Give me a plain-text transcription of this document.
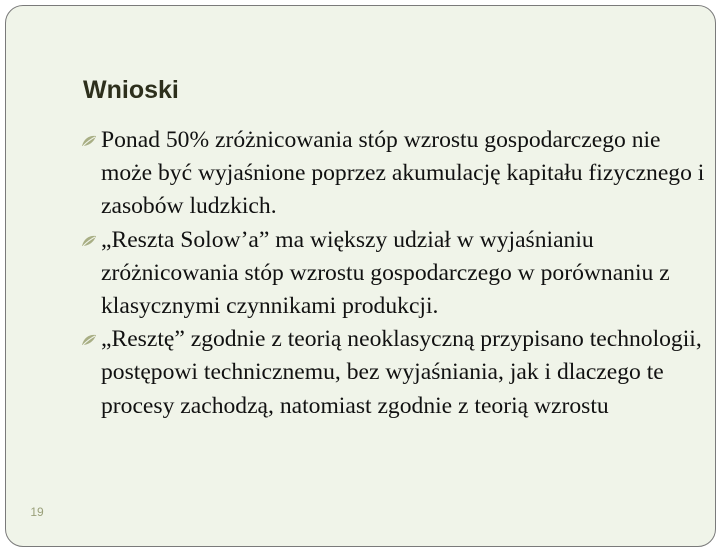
Wnioski
Ponad 50% zróżnicowania stóp wzrostu gospodarczego nie może być wyjaśnione poprzez akumulację kapitału fizycznego i zasobów ludzkich.
„Reszta Solow’a” ma większy udział w wyjaśnianiu zróżnicowania stóp wzrostu gospodarczego w porównaniu z klasycznymi czynnikami produkcji.
„Resztę” zgodnie z teorią neoklasyczną przypisano technologii, postępowi technicznemu, bez wyjaśniania, jak i dlaczego te procesy zachodzą, natomiast zgodnie z teorią wzrostu
19
